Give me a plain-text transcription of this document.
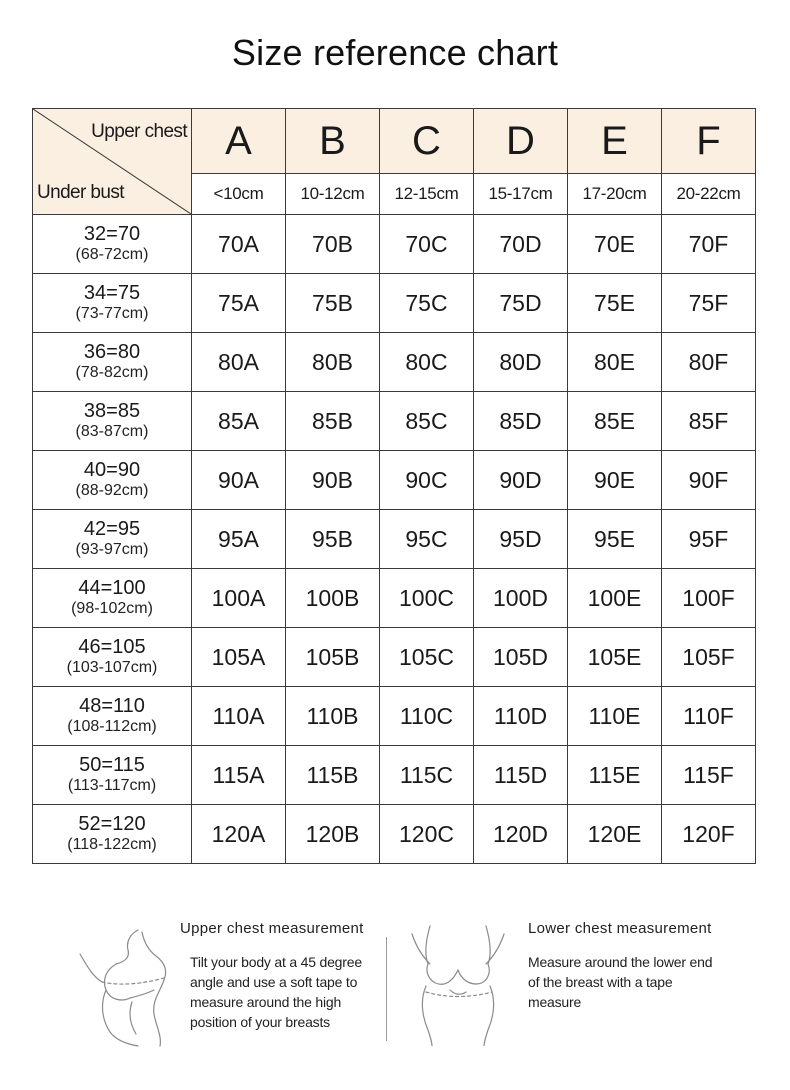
Size reference chart
Upper chest
Under bust	A	B	C	D	E	F
	<10cm	10-12cm	12-15cm	15-17cm	17-20cm	20-22cm

32=70
(68-72cm)	70A	70B	70C	70D	70E	70F

34=75
(73-77cm)	75A	75B	75C	75D	75E	75F

36=80
(78-82cm)	80A	80B	80C	80D	80E	80F

38=85
(83-87cm)	85A	85B	85C	85D	85E	85F

40=90
(88-92cm)	90A	90B	90C	90D	90E	90F

42=95
(93-97cm)	95A	95B	95C	95D	95E	95F

44=100
(98-102cm)	100A	100B	100C	100D	100E	100F

46=105
(103-107cm)	105A	105B	105C	105D	105E	105F

48=110
(108-112cm)	110A	110B	110C	110D	110E	110F

50=115
(113-117cm)	115A	115B	115C	115D	115E	115F

52=120
(118-122cm)	120A	120B	120C	120D	120E	120F
Upper chest measurement
Tilt your body at a 45 degree
angle and use a soft tape to
measure around the high
position of your breasts
Lower chest measurement
Measure around the lower end
of the breast with a tape
measure
